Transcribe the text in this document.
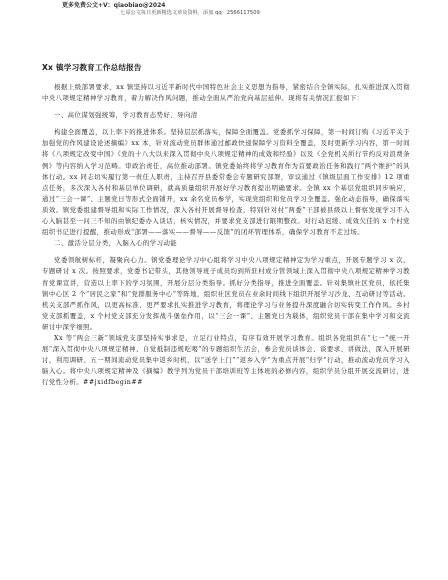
更多免费公文+V：qiaobiao@2024
七哥公文每日更新精选文章及资料，添加 qq：2566117509
Xx 镇学习教育工作总结报告

根据上级部署要求，xx 镇坚持以习近平新时代中国特色社会主义思想为指导，紧密结合全镇实际，扎实推进深入贯彻中央八项规定精神学习教育，着力解决作风问题，推动全面从严治党向基层延伸。现将有关情况汇报如下：

一、高位谋划强统筹，学习教育态势好、导向清

构建全面覆盖，以上率下的推进体系。坚持层层抓落实，保障全面覆盖。党委抓学习保障，第一时间订购《习近平关于加强党的作风建设论述摘编》xx 本，针对流动党员群体通过邮政快递保障学习资料全覆盖，及时更新学习内容，第一时间将《八项规定改变中国》《党的十八大以来深入贯彻中央八项规定精神的成效和经验》以及《全党机关所行节约反对浪费条例》等内容纳入学习范畴。审政治责任，高位推动部署。镇党委始终将学习教育作为首要政治任务和践行“两个维护”的具体行动。xx 同志切实履行第一责任人职责，主持召开县委常委会专题研究部署，审议通过《镇级层面工作安排》12 项重点任务，多次深入各村和基层单位调研，就高质量组织开展好学习教育提出明确要求。全镇 xx 个基层党组织同步响应，通过“三会一课”、主题党日等形式全面铺开，xx 余名党员参学，实现党组织和党员学习全覆盖。强化动态指导，确保落实质效。镇党委组建督导组和实际工作情况，深入各村开展督导检查，特别针对村“两委”干部被县级以上督察发现学习不入心入脑甚至一问三不知的由镇纪委办入谈话，核实情况，并要求党支部进行限期整改。对行动迟缓、成效欠佳的 x 个村党组织书记进行提醒，推动形成“部署——落实——督导——反馈”的闭环管理体系，确保学习教育不走过场。

二、激活分层分类，入脑入心的学习动能

党委领航树标杆，凝聚向心力。镇党委理论学习中心组将学习中央八项规定精神定为学习重点，开展专题学习 x 次，专题研讨 x 次。按照要求，党委书记带头，其他领导班子成员均到所驻村或分管领域上深入贯彻中央八项规定精神学习教育党课宣讲，营造以上率下的学习氛围，开展分层分类指导。抓好分类指导，推进全面覆盖。针对集镇社区党员，依托集镇中心区 2 个“居民之家”和“党群服务中心”等阵地，组织社区党员在业余时间线下组织开展学习沙龙、互动研讨等活动。机关支部严抓作风，以更高标准、更严要求扎实推进学习教育，将理论学习与业务提升深度融合切实转变工作作风。乡村党支部抓覆盖，x 个村党支部充分发挥战斗堡垒作用，以“三会一课”、主题党日为载体，组织党员干部在集中学习和交流研讨中深学细照。

Xx 等“两会三新”领域党支部坚持实事求是，立足行业特点，有序有效开展学习教育。组织各党组织在“七一”统一开展“深入贯彻中央八项规定精神、自觉抵制违规吃喝”的专题组织生活会，参会党员谈体会、谈要求、讲做法，深入开展研讨，利用调研、五一期间流动党员集中返乡时机，以“送学上门”“返乡入学”为重点开展“归学”行动，推动流动党员学习入脑入心。将中央八项规定精神及《摘编》教学列为党员干部培训班等主体班的必修内容，组织学员分组开展交流研讨，进行党性分析。##jxidfbegin##
